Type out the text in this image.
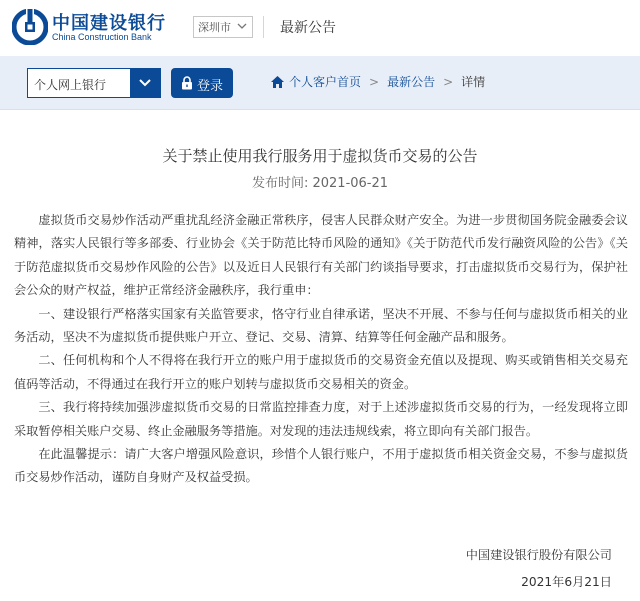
中国建设银行
China Construction Bank
深圳市	最新公告
个人网上银行	登录	个人客户首页 > 最新公告 > 详情
关于禁止使用我行服务用于虚拟货币交易的公告
发布时间: 2021-06-21

虚拟货币交易炒作活动严重扰乱经济金融正常秩序，侵害人民群众财产安全。为进一步贯彻国务院金融委会议精神，落实人民银行等多部委、行业协会《关于防范比特币风险的通知》《关于防范代币发行融资风险的公告》《关于防范虚拟货币交易炒作风险的公告》以及近日人民银行有关部门约谈指导要求，打击虚拟货币交易行为，保护社会公众的财产权益，维护正常经济金融秩序，我行重申：

一、建设银行严格落实国家有关监管要求，恪守行业自律承诺，坚决不开展、不参与任何与虚拟货币相关的业务活动，坚决不为虚拟货币提供账户开立、登记、交易、清算、结算等任何金融产品和服务。

二、任何机构和个人不得将在我行开立的账户用于虚拟货币的交易资金充值以及提现、购买或销售相关交易充值码等活动，不得通过在我行开立的账户划转与虚拟货币交易相关的资金。

三、我行将持续加强涉虚拟货币交易的日常监控排查力度，对于上述涉虚拟货币交易的行为，一经发现将立即采取暂停相关账户交易、终止金融服务等措施。对发现的违法违规线索，将立即向有关部门报告。

在此温馨提示：请广大客户增强风险意识，珍惜个人银行账户，不用于虚拟货币相关资金交易，不参与虚拟货币交易炒作活动，谨防自身财产及权益受损。

中国建设银行股份有限公司
2021年6月21日
